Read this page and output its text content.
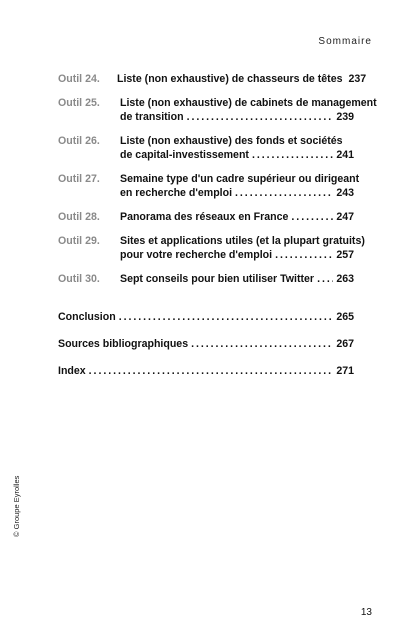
Sommaire
Outil 24. Liste (non exhaustive) de chasseurs de têtes 237
Outil 25. Liste (non exhaustive) de cabinets de management
de transition . . .	239
Outil 26. Liste (non exhaustive) des fonds et sociétés
de capital-investissement . . .	241
Outil 27. Semaine type d'un cadre supérieur ou dirigeant
en recherche d'emploi . . .	243
Outil 28. Panorama des réseaux en France . . .	247
Outil 29. Sites et applications utiles (et la plupart gratuits)
pour votre recherche d'emploi . . .	257
Outil 30. Sept conseils pour bien utiliser Twitter . . . 263
Conclusion . . .	265
Sources bibliographiques . . .	267
Index . . .	271
© Groupe Eyrolles
13
